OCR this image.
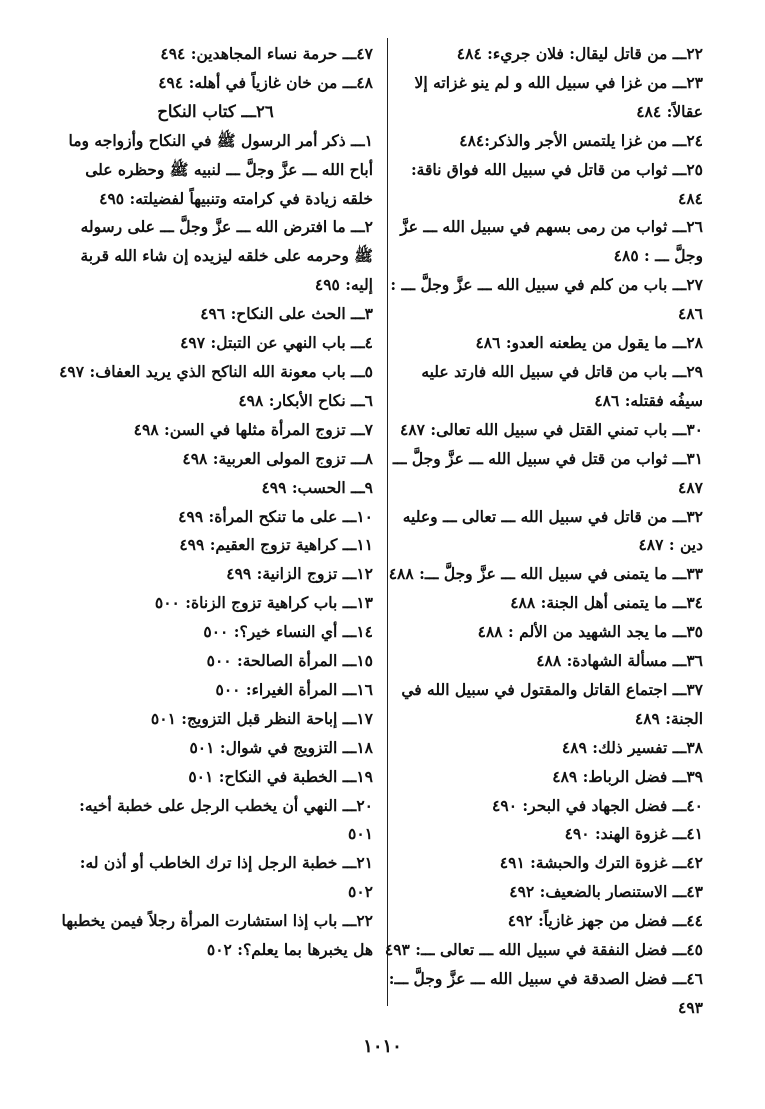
٢٢ـــ من قاتل ليقال: فلان جريء: ٤٨٤
٢٣ـــ من غزا في سبيل الله و لم ينو غزاته إلا عقالاً: ٤٨٤
٢٤ـــ من غزا يلتمس الأجر والذكر:٤٨٤
٢٥ـــ ثواب من قاتل في سبيل الله فواق ناقة: ٤٨٤
٢٦ـــ ثواب من رمى بسهم في سبيل الله ـــ عزَّ وجلَّ ـــ : ٤٨٥
٢٧ـــ باب من كلم في سبيل الله ـــ عزَّ وجلَّ ـــ : ٤٨٦
٢٨ـــ ما يقول من يطعنه العدو: ٤٨٦
٢٩ـــ باب من قاتل في سبيل الله فارتد عليه سيفُه فقتله: ٤٨٦
٣٠ـــ باب تمني القتل في سبيل الله تعالى: ٤٨٧
٣١ـــ ثواب من قتل في سبيل الله ـــ عزَّ وجلَّ ـــ ٤٨٧
٣٢ـــ من قاتل في سبيل الله ـــ تعالى ـــ وعليه دين : ٤٨٧
٣٣ـــ ما يتمنى في سبيل الله ـــ عزَّ وجلَّ ـــ: ٤٨٨
٣٤ـــ ما يتمنى أهل الجنة: ٤٨٨
٣٥ـــ ما يجد الشهيد من الألم : ٤٨٨
٣٦ـــ مسألة الشهادة: ٤٨٨
٣٧ـــ اجتماع القاتل والمقتول في سبيل الله في الجنة: ٤٨٩
٣٨ـــ تفسير ذلك: ٤٨٩
٣٩ـــ فضل الرباط: ٤٨٩
٤٠ـــ فضل الجهاد في البحر: ٤٩٠
٤١ـــ غزوة الهند: ٤٩٠
٤٢ـــ غزوة الترك والحبشة: ٤٩١
٤٣ـــ الاستنصار بالضعيف: ٤٩٢
٤٤ـــ فضل من جهز غازياً: ٤٩٢
٤٥ـــ فضل النفقة في سبيل الله ـــ تعالى ـــ: ٤٩٣
٤٦ـــ فضل الصدقة في سبيل الله ـــ عزَّ وجلَّ ـــ: ٤٩٣
٤٧ـــ حرمة نساء المجاهدين: ٤٩٤
٤٨ـــ من خان غازياً في أهله: ٤٩٤
٢٦ـــ كتاب النكاح
١ـــ ذكر أمر الرسول ﷺ في النكاح وأزواجه وما أباح الله ـــ عزَّ وجلَّ ـــ لنبيه ﷺ وحظره على خلقه زيادة في كرامته وتنبيهاً لفضيلته: ٤٩٥
٢ـــ ما افترض الله ـــ عزَّ وجلَّ ـــ على رسوله ﷺ وحرمه على خلقه ليزيده إن شاء الله قربة إليه: ٤٩٥
٣ـــ الحث على النكاح: ٤٩٦
٤ـــ باب النهي عن التبتل: ٤٩٧
٥ـــ باب معونة الله الناكح الذي يريد العفاف: ٤٩٧
٦ـــ نكاح الأبكار: ٤٩٨
٧ـــ تزوج المرأة مثلها في السن: ٤٩٨
٨ـــ تزوج المولى العربية: ٤٩٨
٩ـــ الحسب: ٤٩٩
١٠ـــ على ما تنكح المرأة: ٤٩٩
١١ـــ كراهية تزوج العقيم: ٤٩٩
١٢ـــ تزوج الزانية: ٤٩٩
١٣ـــ باب كراهية تزوج الزناة: ٥٠٠
١٤ـــ أي النساء خير؟: ٥٠٠
١٥ـــ المرأة الصالحة: ٥٠٠
١٦ـــ المرأة الغيراء: ٥٠٠
١٧ـــ إباحة النظر قبل التزويج: ٥٠١
١٨ـــ التزويج في شوال: ٥٠١
١٩ـــ الخطبة في النكاح: ٥٠١
٢٠ـــ النهي أن يخطب الرجل على خطبة أخيه: ٥٠١
٢١ـــ خطبة الرجل إذا ترك الخاطب أو أذن له: ٥٠٢
٢٢ـــ باب إذا استشارت المرأة رجلاً فيمن يخطبها هل يخبرها بما يعلم؟: ٥٠٢
١٠١٠
